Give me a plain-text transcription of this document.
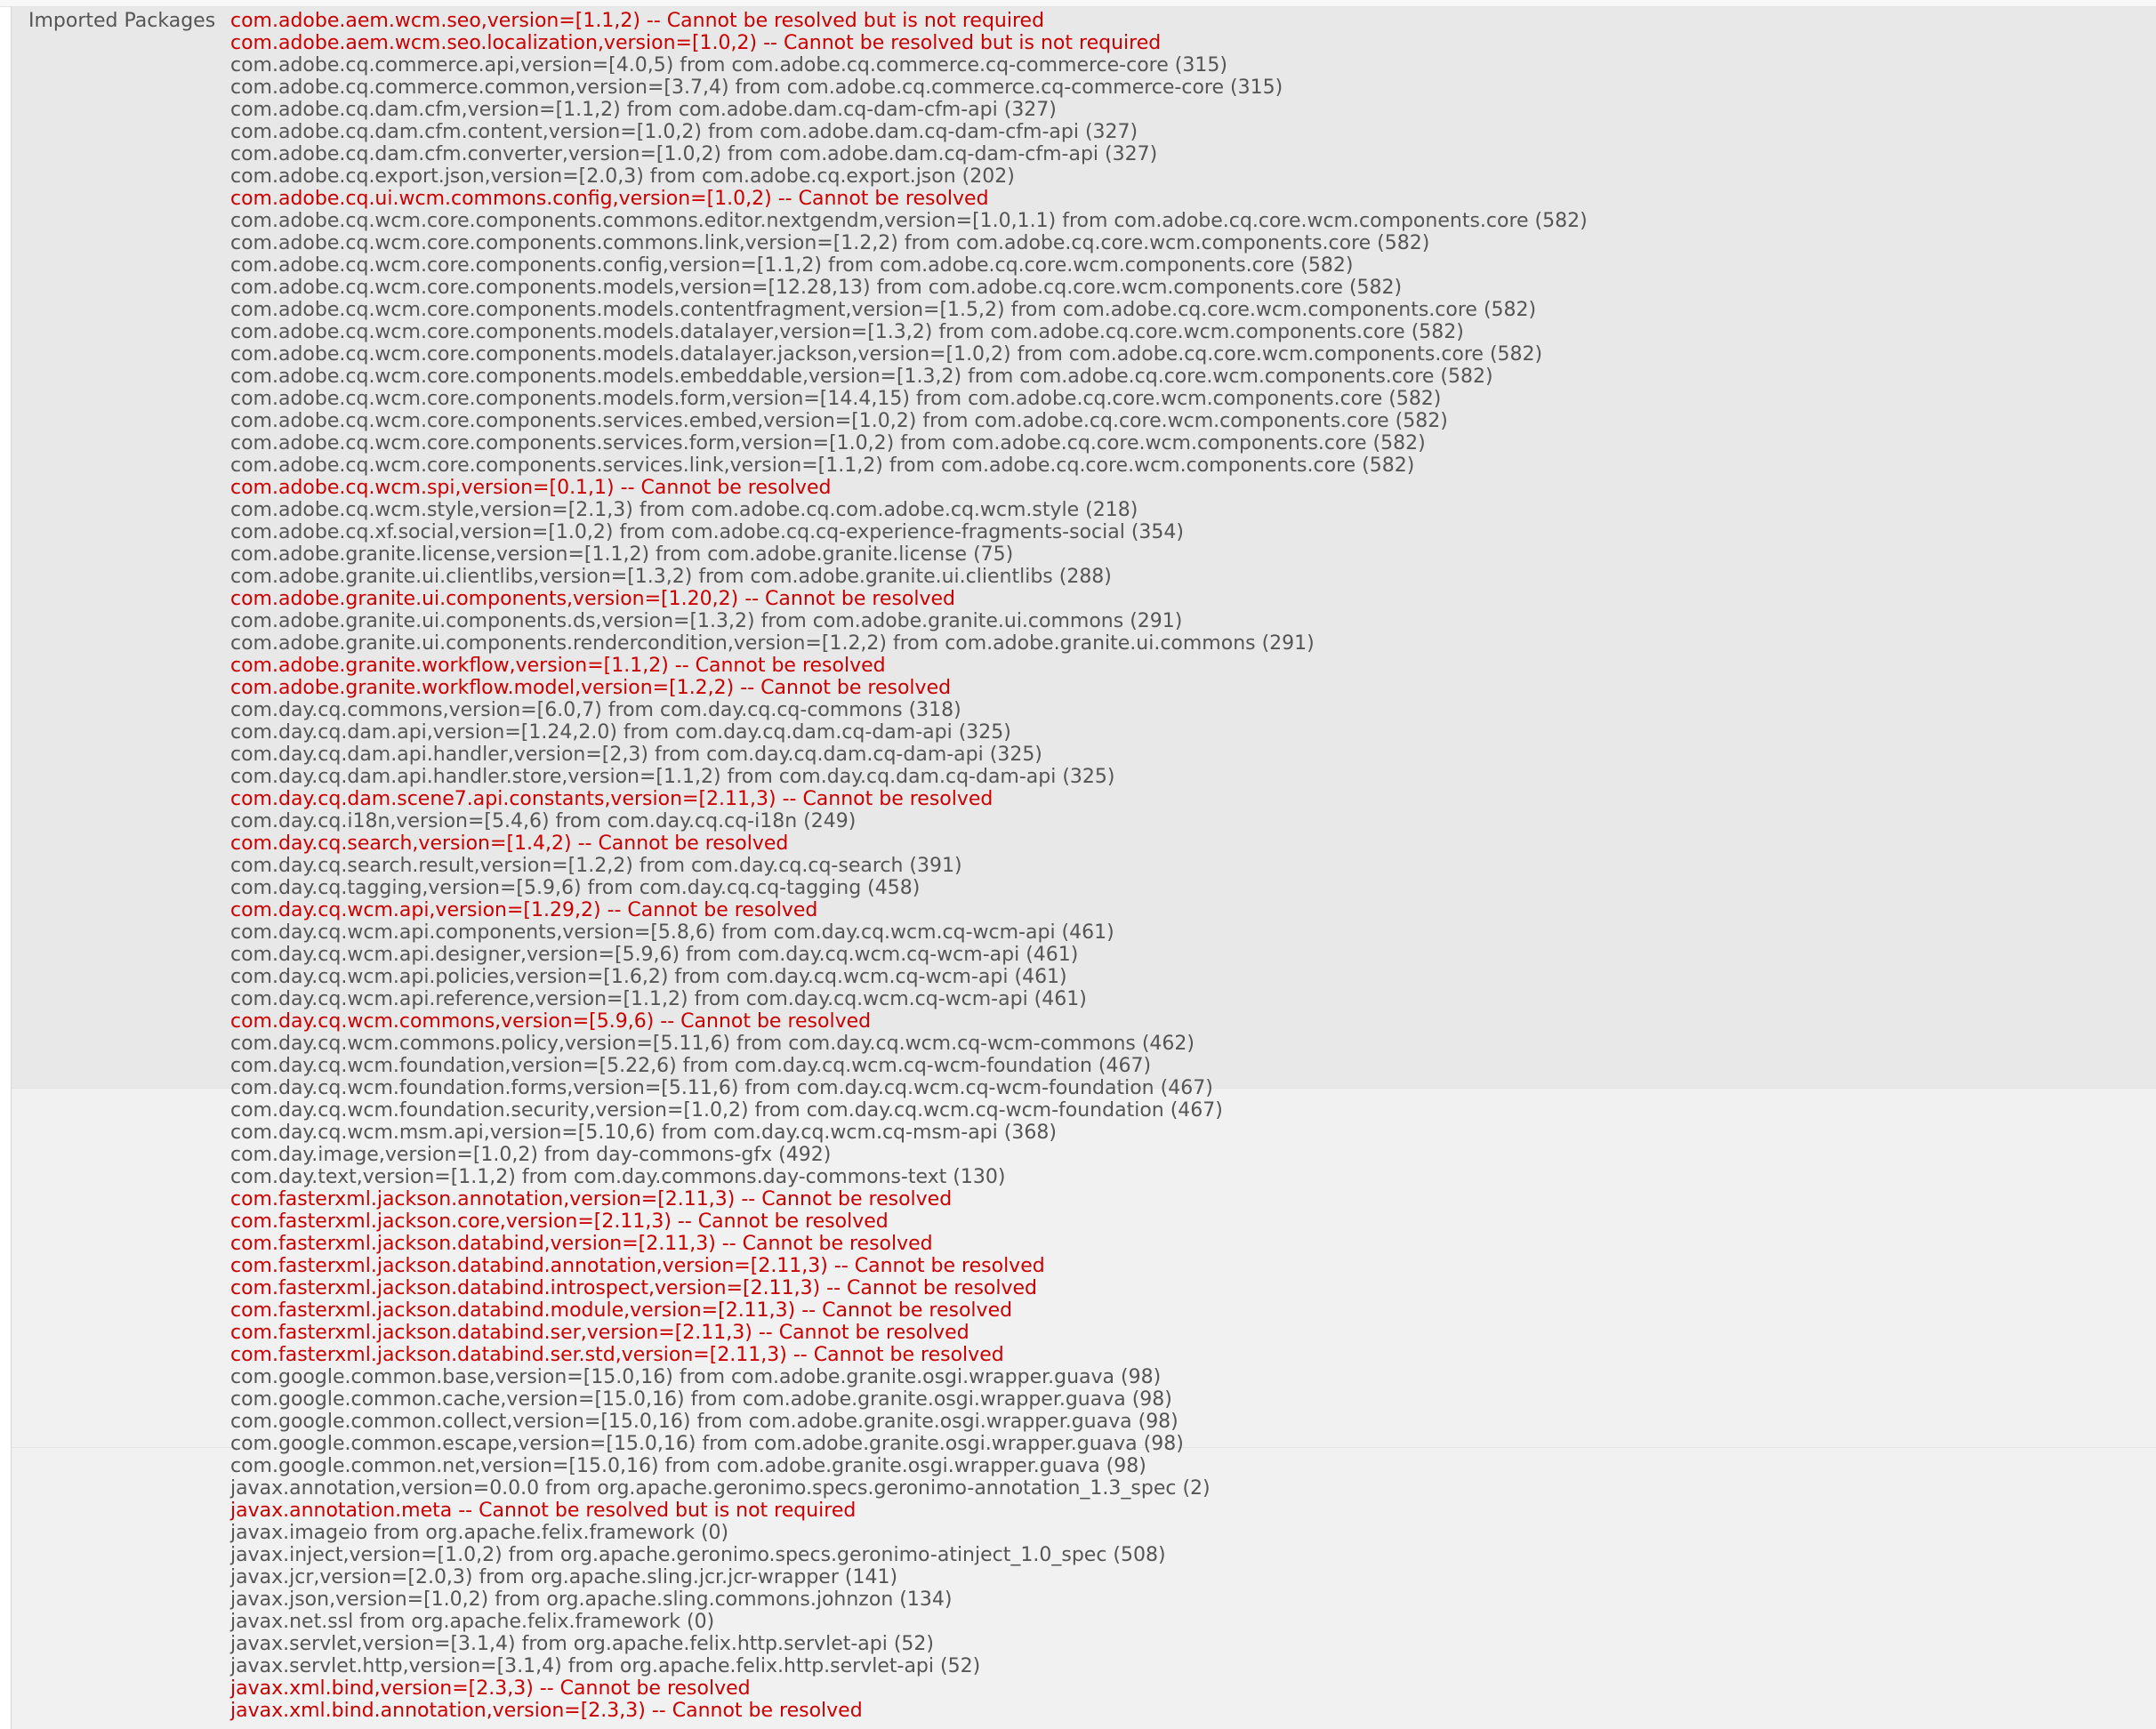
Imported Packages com.adobe.aem.wcm.seo,version=[1.1,2) -- Cannot be resolved but is not required
com.adobe.aem.wcm.seo.localization,version=[1.0,2) -- Cannot be resolved but is not required
com.adobe.cq.commerce.api,version=[4.0,5) from com.adobe.cq.commerce.cq-commerce-core (315)
com.adobe.cq.commerce.common,version=[3.7,4) from com.adobe.cq.commerce.cq-commerce-core (315)
com.adobe.cq.dam.cfm,version=[1.1,2) from com.adobe.dam.cq-dam-cfm-api (327)
com.adobe.cq.dam.cfm.content,version=[1.0,2) from com.adobe.dam.cq-dam-cfm-api (327)
com.adobe.cq.dam.cfm.converter,version=[1.0,2) from com.adobe.dam.cq-dam-cfm-api (327)
com.adobe.cq.export.json,version=[2.0,3) from com.adobe.cq.export.json (202)
com.adobe.cq.ui.wcm.commons.config,version=[1.0,2) -- Cannot be resolved
com.adobe.cq.wcm.core.components.commons.editor.nextgendm,version=[1.0,1.1) from com.adobe.cq.core.wcm.components.core (582)
com.adobe.cq.wcm.core.components.commons.link,version=[1.2,2) from com.adobe.cq.core.wcm.components.core (582)
com.adobe.cq.wcm.core.components.config,version=[1.1,2) from com.adobe.cq.core.wcm.components.core (582)
com.adobe.cq.wcm.core.components.models,version=[12.28,13) from com.adobe.cq.core.wcm.components.core (582)
com.adobe.cq.wcm.core.components.models.contentfragment,version=[1.5,2) from com.adobe.cq.core.wcm.components.core (582)
com.adobe.cq.wcm.core.components.models.datalayer,version=[1.3,2) from com.adobe.cq.core.wcm.components.core (582)
com.adobe.cq.wcm.core.components.models.datalayer.jackson,version=[1.0,2) from com.adobe.cq.core.wcm.components.core (582)
com.adobe.cq.wcm.core.components.models.embeddable,version=[1.3,2) from com.adobe.cq.core.wcm.components.core (582)
com.adobe.cq.wcm.core.components.models.form,version=[14.4,15) from com.adobe.cq.core.wcm.components.core (582)
com.adobe.cq.wcm.core.components.services.embed,version=[1.0,2) from com.adobe.cq.core.wcm.components.core (582)
com.adobe.cq.wcm.core.components.services.form,version=[1.0,2) from com.adobe.cq.core.wcm.components.core (582)
com.adobe.cq.wcm.core.components.services.link,version=[1.1,2) from com.adobe.cq.core.wcm.components.core (582)
com.adobe.cq.wcm.spi,version=[0.1,1) -- Cannot be resolved
com.adobe.cq.wcm.style,version=[2.1,3) from com.adobe.cq.com.adobe.cq.wcm.style (218)
com.adobe.cq.xf.social,version=[1.0,2) from com.adobe.cq.cq-experience-fragments-social (354)
com.adobe.granite.license,version=[1.1,2) from com.adobe.granite.license (75)
com.adobe.granite.ui.clientlibs,version=[1.3,2) from com.adobe.granite.ui.clientlibs (288)
com.adobe.granite.ui.components,version=[1.20,2) -- Cannot be resolved
com.adobe.granite.ui.components.ds,version=[1.3,2) from com.adobe.granite.ui.commons (291)
com.adobe.granite.ui.components.rendercondition,version=[1.2,2) from com.adobe.granite.ui.commons (291)
com.adobe.granite.workflow,version=[1.1,2) -- Cannot be resolved
com.adobe.granite.workflow.model,version=[1.2,2) -- Cannot be resolved
com.day.cq.commons,version=[6.0,7) from com.day.cq.cq-commons (318)
com.day.cq.dam.api,version=[1.24,2.0) from com.day.cq.dam.cq-dam-api (325)
com.day.cq.dam.api.handler,version=[2,3) from com.day.cq.dam.cq-dam-api (325)
com.day.cq.dam.api.handler.store,version=[1.1,2) from com.day.cq.dam.cq-dam-api (325)
com.day.cq.dam.scene7.api.constants,version=[2.11,3) -- Cannot be resolved
com.day.cq.i18n,version=[5.4,6) from com.day.cq.cq-i18n (249)
com.day.cq.search,version=[1.4,2) -- Cannot be resolved
com.day.cq.search.result,version=[1.2,2) from com.day.cq.cq-search (391)
com.day.cq.tagging,version=[5.9,6) from com.day.cq.cq-tagging (458)
com.day.cq.wcm.api,version=[1.29,2) -- Cannot be resolved
com.day.cq.wcm.api.components,version=[5.8,6) from com.day.cq.wcm.cq-wcm-api (461)
com.day.cq.wcm.api.designer,version=[5.9,6) from com.day.cq.wcm.cq-wcm-api (461)
com.day.cq.wcm.api.policies,version=[1.6,2) from com.day.cq.wcm.cq-wcm-api (461)
com.day.cq.wcm.api.reference,version=[1.1,2) from com.day.cq.wcm.cq-wcm-api (461)
com.day.cq.wcm.commons,version=[5.9,6) -- Cannot be resolved
com.day.cq.wcm.commons.policy,version=[5.11,6) from com.day.cq.wcm.cq-wcm-commons (462)
com.day.cq.wcm.foundation,version=[5.22,6) from com.day.cq.wcm.cq-wcm-foundation (467)
com.day.cq.wcm.foundation.forms,version=[5.11,6) from com.day.cq.wcm.cq-wcm-foundation (467)
com.day.cq.wcm.foundation.security,version=[1.0,2) from com.day.cq.wcm.cq-wcm-foundation (467)
com.day.cq.wcm.msm.api,version=[5.10,6) from com.day.cq.wcm.cq-msm-api (368)
com.day.image,version=[1.0,2) from day-commons-gfx (492)
com.day.text,version=[1.1,2) from com.day.commons.day-commons-text (130)
com.fasterxml.jackson.annotation,version=[2.11,3) -- Cannot be resolved
com.fasterxml.jackson.core,version=[2.11,3) -- Cannot be resolved
com.fasterxml.jackson.databind,version=[2.11,3) -- Cannot be resolved
com.fasterxml.jackson.databind.annotation,version=[2.11,3) -- Cannot be resolved
com.fasterxml.jackson.databind.introspect,version=[2.11,3) -- Cannot be resolved
com.fasterxml.jackson.databind.module,version=[2.11,3) -- Cannot be resolved
com.fasterxml.jackson.databind.ser,version=[2.11,3) -- Cannot be resolved
com.fasterxml.jackson.databind.ser.std,version=[2.11,3) -- Cannot be resolved
com.google.common.base,version=[15.0,16) from com.adobe.granite.osgi.wrapper.guava (98)
com.google.common.cache,version=[15.0,16) from com.adobe.granite.osgi.wrapper.guava (98)
com.google.common.collect,version=[15.0,16) from com.adobe.granite.osgi.wrapper.guava (98)
com.google.common.escape,version=[15.0,16) from com.adobe.granite.osgi.wrapper.guava (98)
com.google.common.net,version=[15.0,16) from com.adobe.granite.osgi.wrapper.guava (98)
javax.annotation,version=0.0.0 from org.apache.geronimo.specs.geronimo-annotation_1.3_spec (2)
javax.annotation.meta -- Cannot be resolved but is not required
javax.imageio from org.apache.felix.framework (0)
javax.inject,version=[1.0,2) from org.apache.geronimo.specs.geronimo-atinject_1.0_spec (508)
javax.jcr,version=[2.0,3) from org.apache.sling.jcr.jcr-wrapper (141)
javax.json,version=[1.0,2) from org.apache.sling.commons.johnzon (134)
javax.net.ssl from org.apache.felix.framework (0)
javax.servlet,version=[3.1,4) from org.apache.felix.http.servlet-api (52)
javax.servlet.http,version=[3.1,4) from org.apache.felix.http.servlet-api (52)
javax.xml.bind,version=[2.3,3) -- Cannot be resolved
javax.xml.bind.annotation,version=[2.3,3) -- Cannot be resolved
